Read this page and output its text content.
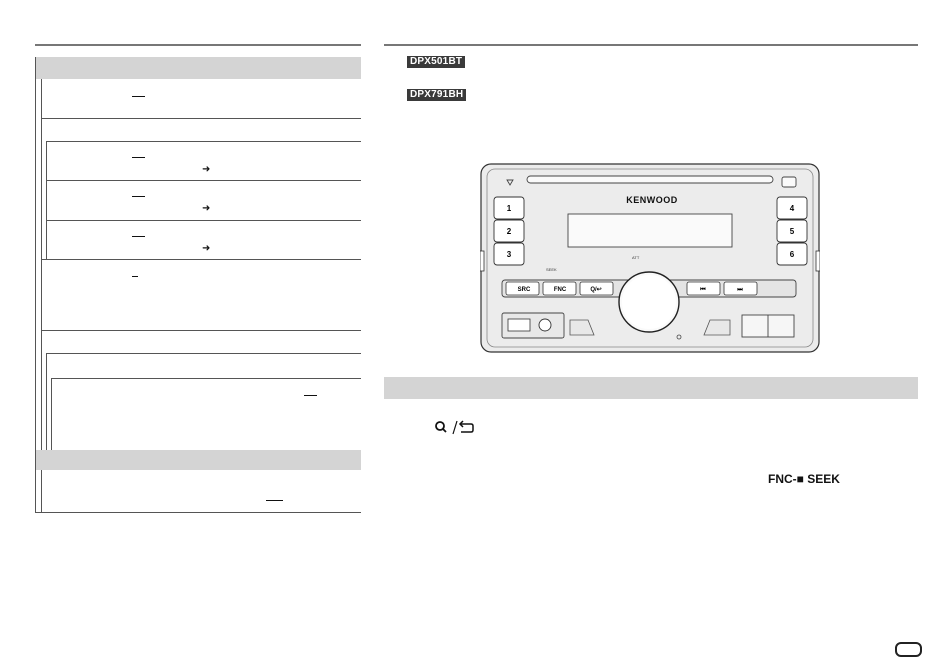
➜
➜
➜
DPX501BT
DPX791BH
KENWOOD
1
2
3
4
5
6
ATT
SEEK
SRC	FNC	Q/↩	⏮	⏭
FNC-■ SEEK
